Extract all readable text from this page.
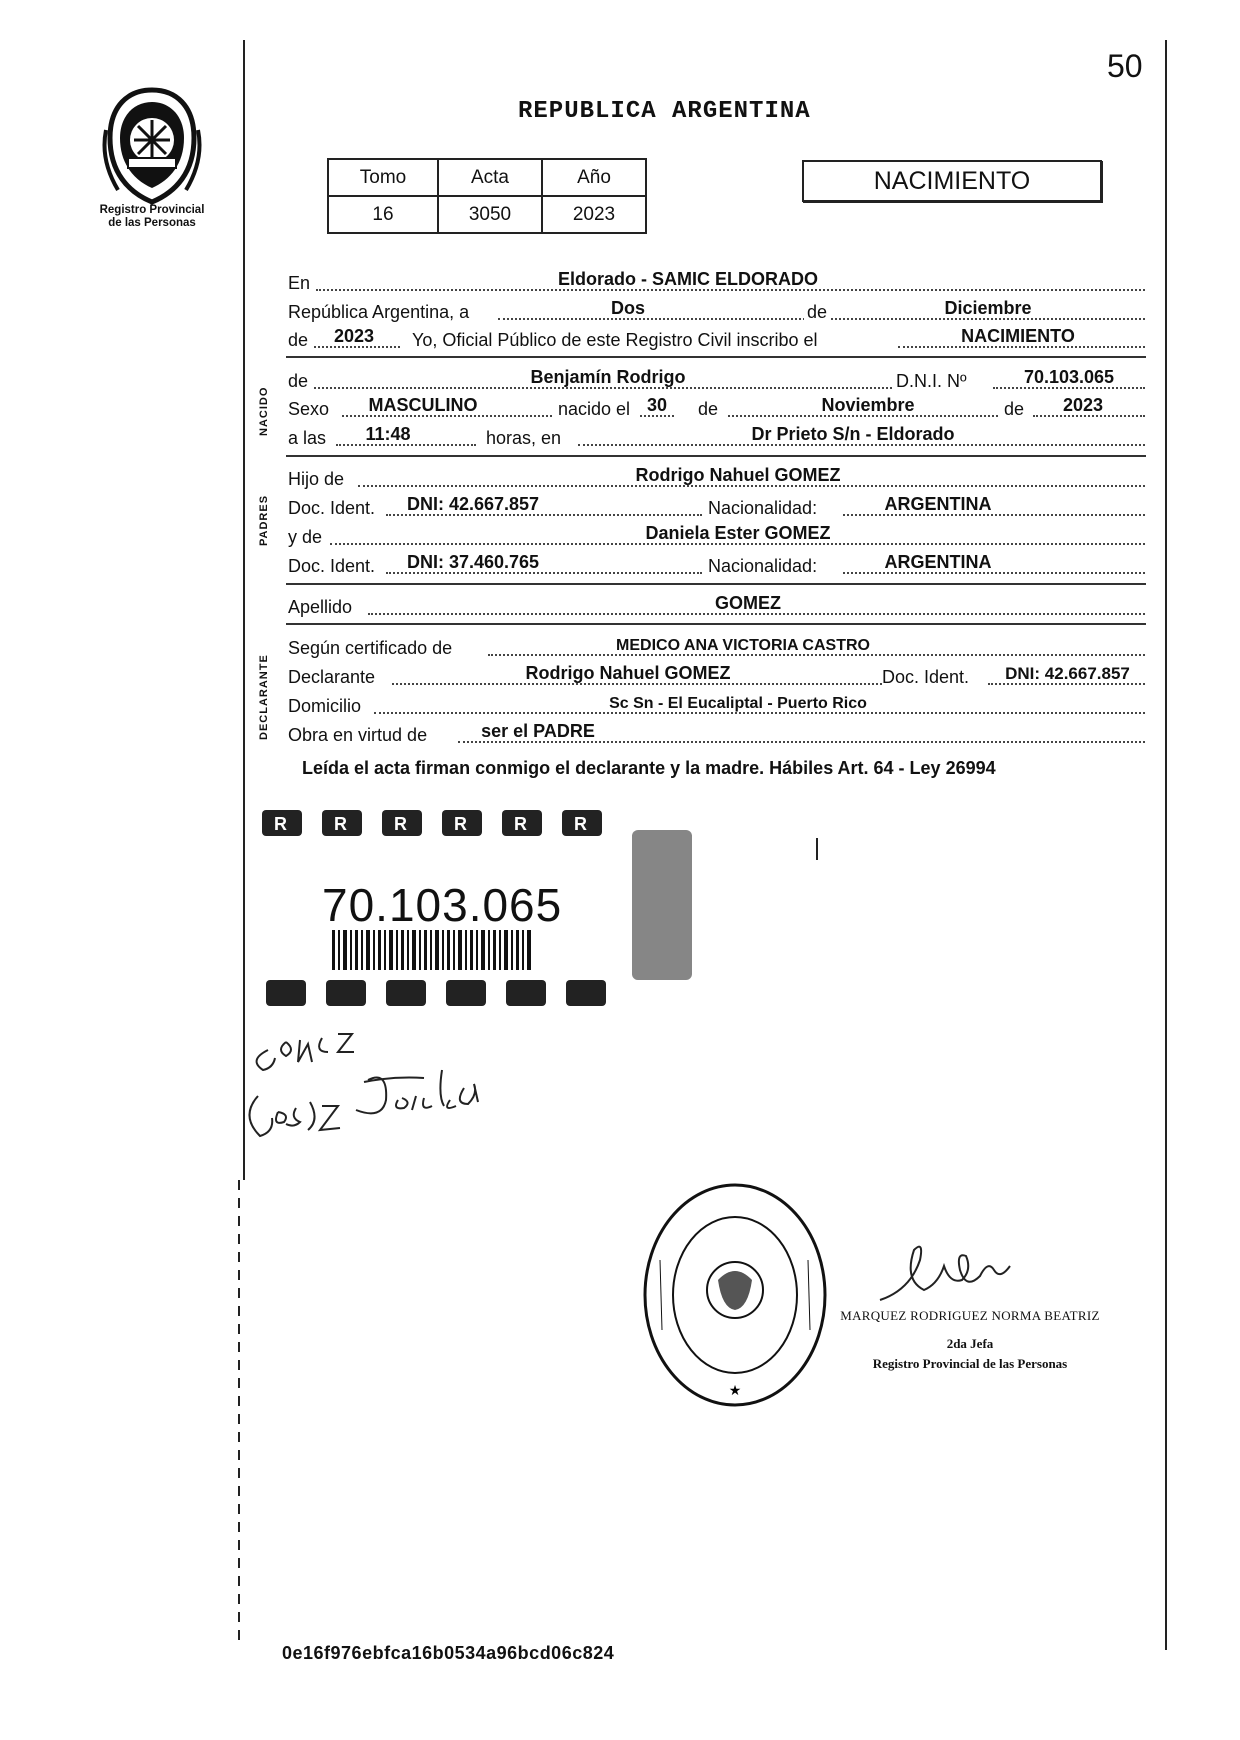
50
Registro Provincial
de las Personas
REPUBLICA ARGENTINA
Tomo	Acta	Año
16	3050	2023
NACIMIENTO
En	Eldorado - SAMIC ELDORADO
República Argentina, a	Dos	de	Diciembre
de	2023	Yo, Oficial Público de este Registro Civil inscribo el	NACIMIENTO
NACIDO
de	Benjamín Rodrigo	D.N.I. Nº	70.103.065
Sexo	MASCULINO	nacido el 30	de	Noviembre	de	2023
a las	11:48	horas, en	Dr Prieto S/n - Eldorado
PADRES
Hijo de	Rodrigo Nahuel GOMEZ
Doc. Ident.	DNI: 42.667.857	Nacionalidad:	ARGENTINA
y de	Daniela Ester GOMEZ
Doc. Ident.	DNI: 37.460.765	Nacionalidad:	ARGENTINA
Apellido	GOMEZ
DECLARANTE
Según certificado de	MEDICO ANA VICTORIA CASTRO
Declarante	Rodrigo Nahuel GOMEZ	Doc. Ident.	DNI: 42.667.857
Domicilio	Sc Sn - El Eucaliptal - Puerto Rico
Obra en virtud de	ser el PADRE
Leída el acta firman conmigo el declarante y la madre. Hábiles Art. 64 - Ley 26994
R	R	R	R	R	R
70.103.065
★
MARQUEZ RODRIGUEZ NORMA BEATRIZ
2da Jefa
Registro Provincial de las Personas
0e16f976ebfca16b0534a96bcd06c824
